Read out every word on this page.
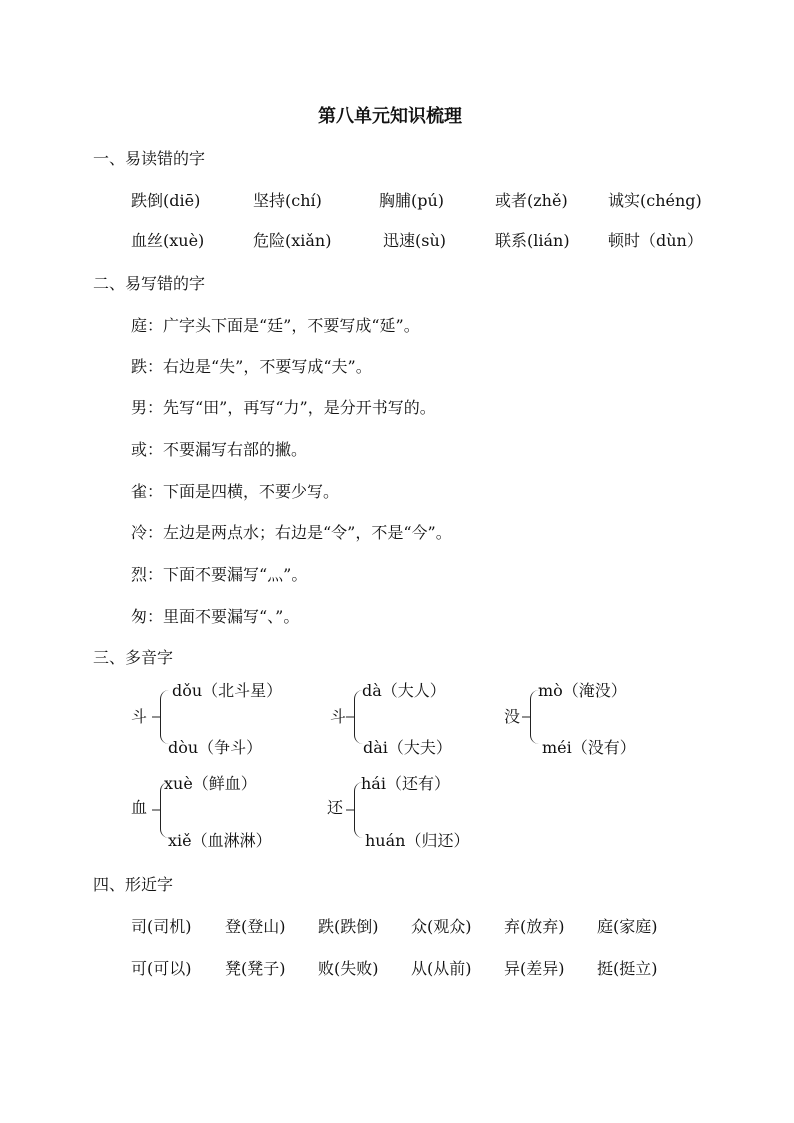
第八单元知识梳理
一、易读错的字
跌倒(diē)	坚持(chí)	胸脯(pú)	或者(zhě)	诚实(chéng)
血丝(xuè)	危险(xiǎn)	迅速(sù)	联系(lián) 顿时（dùn）
二、易写错的字
庭：广字头下面是“廷”，不要写成“延”。
跌：右边是“失”，不要写成“夫”。
男：先写“田”，再写“力”，是分开书写的。
或：不要漏写右部的撇。
雀：下面是四横，不要少写。
冷：左边是两点水；右边是“令”，不是“今”。
烈：下面不要漏写“灬”。
匆：里面不要漏写“、”。
三、多音字
斗
dǒu（北斗星）
dòu（争斗）
斗
dà（大人）
dài（大夫）
没
mò（淹没）
méi（没有）
血
xuè（鲜血）
xiě（血淋淋）
还
hái（还有）
huán（归还）
四、形近字
司(司机) 登(登山) 跌(跌倒) 众(观众) 弃(放弃) 庭(家庭)
可(可以) 凳(凳子) 败(失败) 从(从前) 异(差异) 挺(挺立)
